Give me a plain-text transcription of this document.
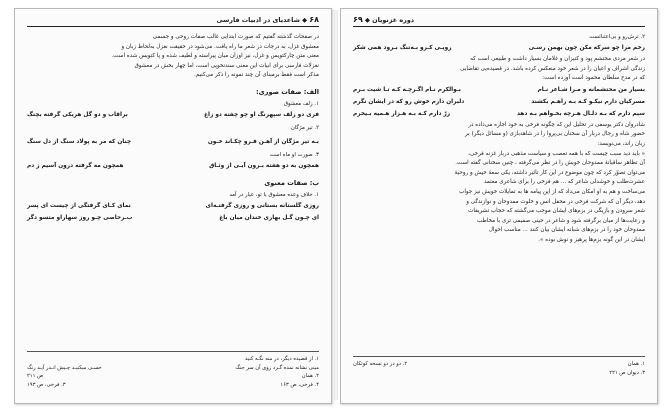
۶۸ ◆ شاعدیای در ادبیات فارسی

در صفحات گذشته گفتیم که صورت ابتدایی غالب صفات روحی و جسمی

معشوق غزل، به درجات در شعر ما راه یافت. می‌شود در حقیقت نغزل به‌لحاظ زبان و

معنی متن چارکتویس و غزل، نیز اوزان میان پیراسته و لطیف شده و پا کتویس شده است.

نغزلات فارسی برای ابیات این معنی سندنخوپی است، اما چهار بخش در معشوق

مذکر است فقط برمبنای آن چند نمونه را ذکر می‌کنیم.

الف: صفات صوری:
۱. زلف معشوق
فری دو زلف سپهرنگ او چو چفته دو زاغ
براقاب و دو گل هریکی گرفته بچنگ
۲. تیر مژگان
بـه تیر مژگان از آهـن فـرو چکـاند خـون
چنان که مر به پولاد سنگ از دل سنگ
۳. صورت او ماه است
همچون به دو هفته بـرون آیـی از وثـاق
همچون مه گرفته درون آسیم ز دم
ب: صفات معنوی
۱. خلاف وعده معشوق یا تو، عیار در آمد
روزی گلستانه بستانی و روزی گرفتـه‌ای
نمای کـای گرفتگی از چیست ای پسر
ای چـون گـل بهاری خندان میان باغ
ب‌ـرحاصی چـو روز سهاراو متسو دگر
۱. از قصیده دیگر، در منه نگـه کنید
مینی نشانه نمده گـرد روی آن سر جنگ
حسـی میکنیـد چـیش انـدر آیـد رنگ
۲. همان
ص ۲۱۱
۴. فرخی، ص ۱۶۳
۳. فرخی، ص ۱۹۳
دوره غزنویان ◆ ۶۹
۲. ترش‌رو و بی‌اعتنائست
رخم مرا چو سرکه مکن چون بهمن رسـی
رویـی کـرو بـه‌تنگ بـرود همی شکر

در شعر مردی محتشم پود و کنیزان و غلامان بسیار داشت و طبیعی است که

زندگی اشراف و اعیان را در شعر خود منعکس کرده باشد. در قصیده‌یی تقاضایی

که در مدح سلطان محمود است آورده است:

بسیار من محتشمانه و مـرا شـاعر نـام
بـوالکرم نـام اگـرچـه کـه تـا شیت بـرم
مسرکبان دارم نیکـو کـه بـه راهـم بکشند
دلبران دارم خوش رو که در ایشان نگرم
سیم دارم که بـه دلـال هـرچه بخـواهم بـه دهد
زرّ دارم کـه بـه هـزار هـمیه بـیخرم

شادروان دکتر یوسفی در تحلیل این که چگونه فرخی به خود اجازه می‌داده در

حضور شاه و رجال دربار آن سخنان بی‌پروا را در شاهدبازی (و مسائل دیگر) بر

زبان راند، می‌نویسد:

« باید دید سبب چیست که با همه تعصب و سیاست مذهبی دربار غزنه فرخی،

آن تظاهر ساقیانهٔ ممدوحان خویش را در نظر می‌گرفته ، چنین سخنانی گفته است.

می‌توان تصوّر کرد که چون موضوع در این کار تأثیر داشته، یکی سعهٔ خیش و روحیهٔ

عشرت‌طلب و خوشدلی شاعر که ... هم فرخی را برای شاعری معتمد

می‌ساخت و هم به او امکان می‌داد که از این پیامه ها به تمایلات خویش نیز جواب

دهد، دیگر آن که شرکت فرخی در محفل انس و خلوت ممدوحان و نوازندگی و

شعر سرودن و بازیگی در بزم‌های ایشان موجب می‌گشته که حجاب تشریفات

و رعایت‌ها از میان برگرفته شود و شاعر در حینی صمیمی تری با مخاطب

ممدوحان خود را در بزم‌های شبانه ایشان بیان کنند ... مناسب احوال

ایشان در این گونه بزم‌ها پرهیز و نوش بوده ».

۱. همان
۲. دو در دو نسخه کوتکان
۳. دیوان ص ۲۲۱
